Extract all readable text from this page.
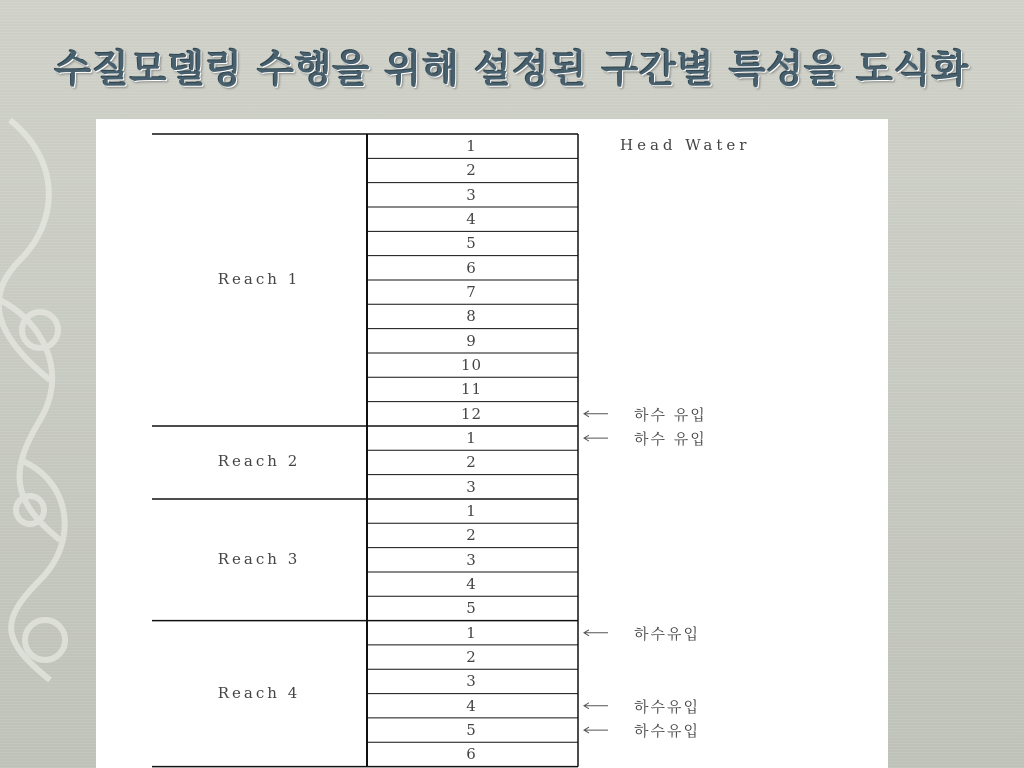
수질모델링 수행을 위해 설정된 구간별 특성을 도식화
Reach 1
1
2
3
4
5
6
7
8
9
10
11
12
Reach 2
1
2
3
Reach 3
1
2
3
4
5
Reach 4
1
2
3
4
5
6
하수 유입
하수 유입
하수유입
하수유입
하수유입
Head Water
